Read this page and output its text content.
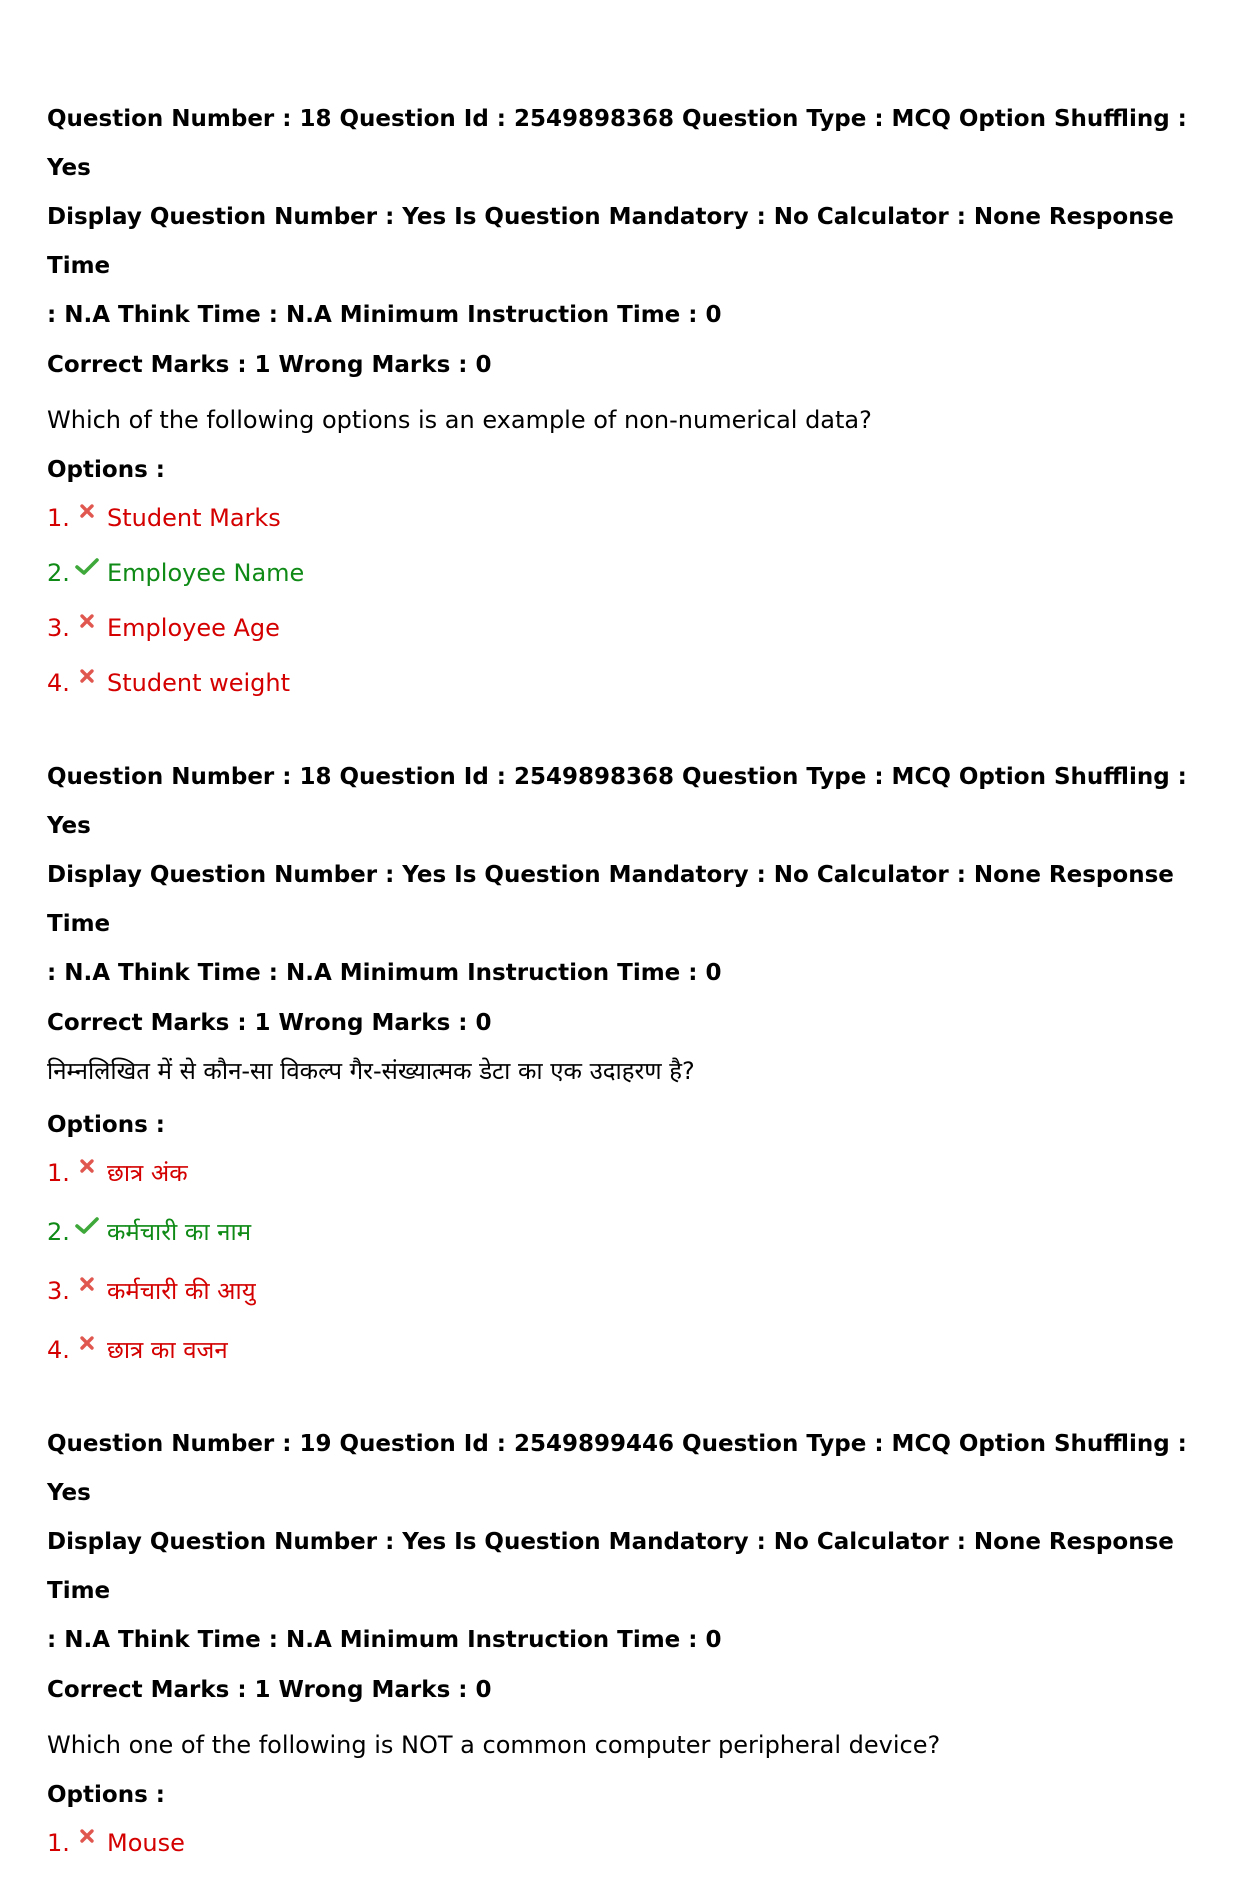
Question Number : 18 Question Id : 2549898368 Question Type : MCQ Option Shuffling : Yes

Display Question Number : Yes Is Question Mandatory : No Calculator : None Response Time

: N.A Think Time : N.A Minimum Instruction Time : 0

Correct Marks : 1 Wrong Marks : 0
Which of the following options is an example of non-numerical data?
Options :
1. Student Marks
2. Employee Name
3. Employee Age
4. Student weight

Question Number : 18 Question Id : 2549898368 Question Type : MCQ Option Shuffling : Yes

Display Question Number : Yes Is Question Mandatory : No Calculator : None Response Time

: N.A Think Time : N.A Minimum Instruction Time : 0

Correct Marks : 1 Wrong Marks : 0
निम्नलिखित में से कौन-सा विकल्प गैर-संख्यात्मक डेटा का एक उदाहरण है?
Options :
1. छात्र अंक
2. कर्मचारी का नाम
3. कर्मचारी की आयु
4. छात्र का वजन

Question Number : 19 Question Id : 2549899446 Question Type : MCQ Option Shuffling : Yes

Display Question Number : Yes Is Question Mandatory : No Calculator : None Response Time

: N.A Think Time : N.A Minimum Instruction Time : 0

Correct Marks : 1 Wrong Marks : 0
Which one of the following is NOT a common computer peripheral device?
Options :
1. Mouse
